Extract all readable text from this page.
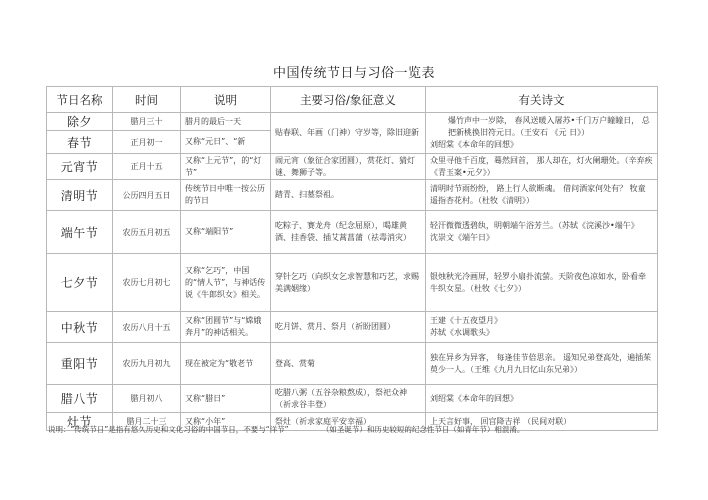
中国传统节日与习俗一览表
节日名称	时间	说明	主要习俗/象征意义	有关诗文
除夕	腊月三十	腊月的最后一天	贴春联、年画（门神）守岁等，除旧迎新	爆竹声中一岁除， 春风送暖入屠苏•千门万户瞳瞳日， 总把新桃换旧符元日。（王安石 《元 日》）
刘绍棠《本命年的回想》

春节	正月初一	又称“元日”、“新		
元宵节	正月十五	又称“上元节”，的“灯节”	闹元宵（象征合家团圆），赏花灯、猜灯谜、舞狮子等。	众里寻他千百度，蓦然回首， 那人却在，灯火阑珊处。（辛弃疾《青玉案•元夕》）

清明节	公历四月五日	传统节日中唯一按公历的节日	踏青、扫墓祭祖。	清明时节雨纷纷， 路上行人欲断魂。 借问酒家何处有？ 牧童遥指杏花村。（杜牧《清明》）

端午节	农历五月初五	又称“端阳节”	吃粽子、赛龙舟（纪念屈原），喝雄黄酒、挂香袋、插艾蒿菖蒲（祛毒消灾）	轻汗微微透碧纨，明朝端午浴芳兰。（苏轼《浣溪沙•端午》
沈崇文《端午日》

七夕节	农历七月初七	又称“乞巧”，中国的“情人节”，与神话传说《牛郎织女》相关。	穿针乞巧（向织女乞求智慧和巧艺，求赐美满姻缘）	银烛秋光冷画屏，轻罗小扇扑流萤。天阶夜色凉如水，卧看牵牛织女星。（杜牧《七夕》）

中秋节	农历八月十五	又称“团圆节”与“嫦娥奔月”的神话相关。	吃月饼、赏月、祭月（祈盼团圆）	王建《十五夜望月》
苏轼《水调歌头》

重阳节	农历九月初九	现在被定为“敬老节	登高、赏菊	独在异乡为异客， 每逢佳节倍思亲。 遥知兄弟登高处，遍插茱萸少一人。（王维《九月九日忆山东兄弟》）

腊八节	腊月初八	又称“腊日”	吃腊八粥（五谷杂粮熬成），祭祀众神（祈求谷丰登）	刘绍棠《本命年的回想》

灶节	腊月二十三	又称“小年”	祭灶（祈求家庭平安幸福）	上天言好事， 回宫降吉祥 （民间对联）
说明：“传统节日”是指有悠久历史和文化习俗的中国节日，不要与“洋节”              （如圣诞节）和历史较短的纪念性节日（如青年节）相混淆。
